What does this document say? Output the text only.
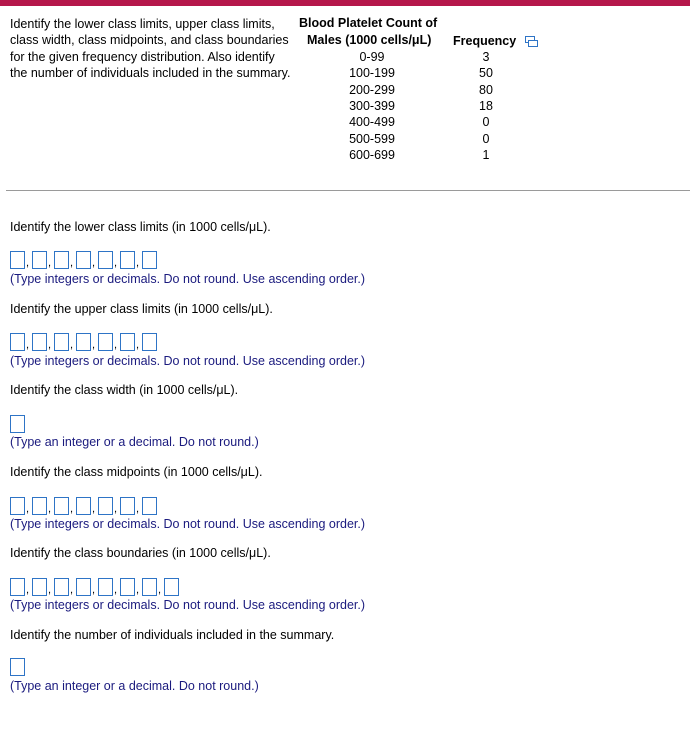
Identify the lower class limits, upper class limits, class width, class midpoints, and class boundaries for the given frequency distribution. Also identify the number of individuals included in the summary.
Blood Platelet Count of
Males (1000 cells/μL)	Frequency
0-99	3
100-199	50
200-299	80
300-399	18
400-499	0
500-599	0
600-699	1
Identify the lower class limits (in 1000 cells/μL).
, , , , , ,
(Type integers or decimals. Do not round. Use ascending order.)
Identify the upper class limits (in 1000 cells/μL).
, , , , , ,
(Type integers or decimals. Do not round. Use ascending order.)
Identify the class width (in 1000 cells/μL).
(Type an integer or a decimal. Do not round.)
Identify the class midpoints (in 1000 cells/μL).
, , , , , ,
(Type integers or decimals. Do not round. Use ascending order.)
Identify the class boundaries (in 1000 cells/μL).
, , , , , , ,
(Type integers or decimals. Do not round. Use ascending order.)
Identify the number of individuals included in the summary.
(Type an integer or a decimal. Do not round.)
